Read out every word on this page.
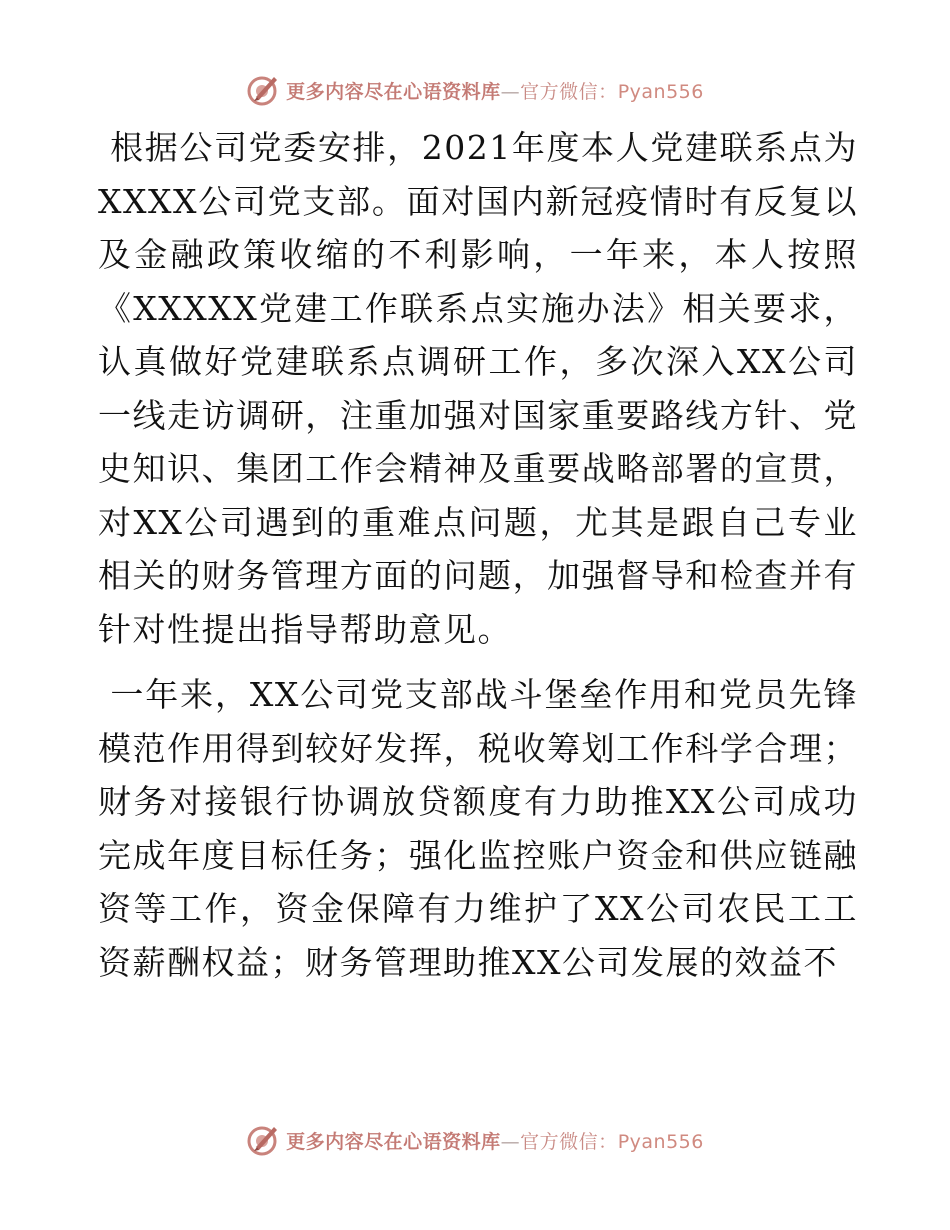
更多内容尽在心语资料库—官方微信：Pyan556

根据公司党委安排，2021年度本人党建联系点为XXXX公司党支部。面对国内新冠疫情时有反复以及金融政策收缩的不利影响，一年来，本人按照《XXXXX党建工作联系点实施办法》相关要求，认真做好党建联系点调研工作，多次深入XX公司一线走访调研，注重加强对国家重要路线方针、党史知识、集团工作会精神及重要战略部署的宣贯，对XX公司遇到的重难点问题，尤其是跟自己专业相关的财务管理方面的问题，加强督导和检查并有针对性提出指导帮助意见。

一年来，XX公司党支部战斗堡垒作用和党员先锋模范作用得到较好发挥，税收筹划工作科学合理；财务对接银行协调放贷额度有力助推XX公司成功完成年度目标任务；强化监控账户资金和供应链融资等工作，资金保障有力维护了XX公司农民工工资薪酬权益；财务管理助推XX公司发展的效益不

更多内容尽在心语资料库—官方微信：Pyan556
